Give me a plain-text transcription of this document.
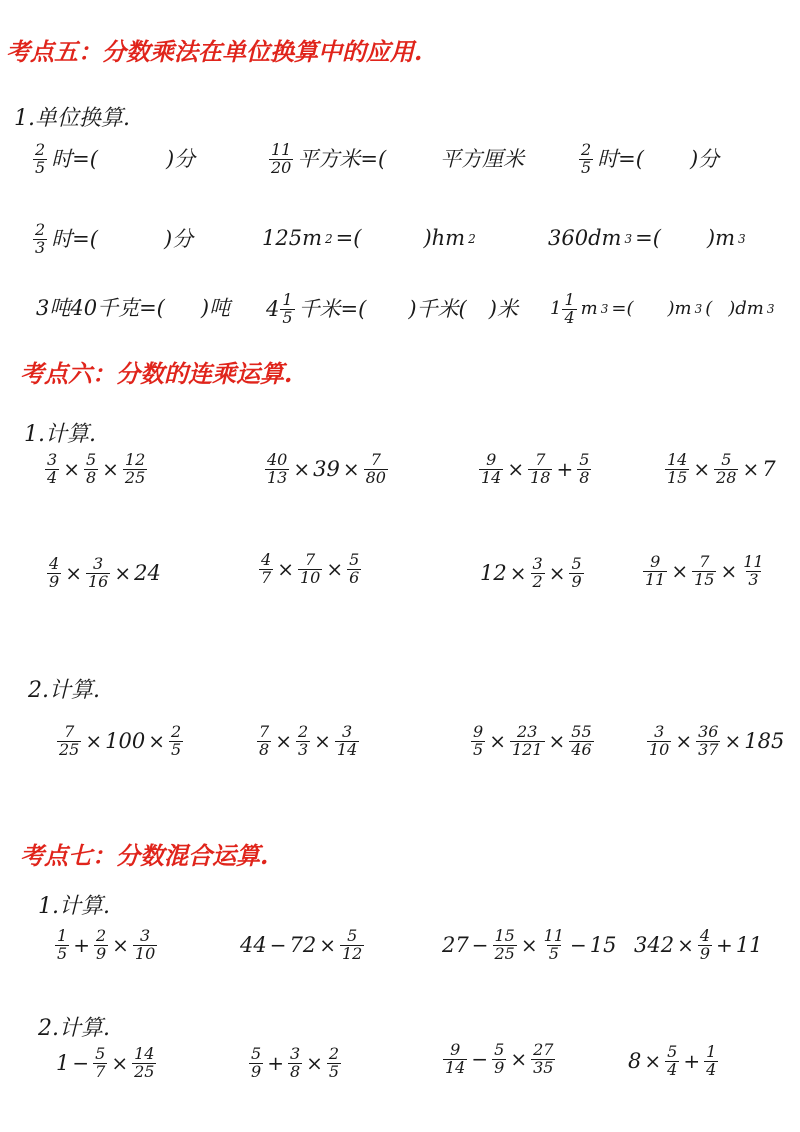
考点五：分数乘法在单位换算中的应用.
1.单位换算.
$\frac{2}{5}$ 时=(	)分	$\frac{11}{20}$ 平方米=(	平方厘米	$\frac{2}{5}$ 时=( )分
$\frac{2}{3}$ 时=(	)分	125m 2 =(	)hm 2	360dm 3 =( )m 3
3吨40千克=( )吨 $4 \frac{1}{5}$ 千米=( )千米( )米 $1 \frac{1}{4}$ m 3 =( )m 3 ( )dm 3
考点六：分数的连乘运算.
1.计算.
$\frac{3}{4} \times \frac{5}{8} \times \frac{12}{25}$	$\frac{40}{13} \times 39 \times \frac{7}{80}$	$\frac{9}{14} \times \frac{7}{18} + \frac{5}{8}$	$\frac{14}{15} \times \frac{5}{28} \times 7$
$\frac{4}{9} \times \frac{3}{16} \times 24$	$\frac{4}{7} \times \frac{7}{10} \times \frac{5}{6}$	$12 \times \frac{3}{2} \times \frac{5}{9}$	$\frac{9}{11} \times \frac{7}{15} \times \frac{11}{3}$
2.计算.
$\frac{7}{25} \times 100 \times \frac{2}{5}$	$\frac{7}{8} \times \frac{2}{3} \times \frac{3}{14}$	$\frac{9}{5} \times \frac{23}{121} \times \frac{55}{46}$	$\frac{3}{10} \times \frac{36}{37} \times 185$
考点七：分数混合运算.
1.计算.
$\frac{1}{5} + \frac{2}{9} \times \frac{3}{10}$	$44 - 72 \times \frac{5}{12}$	$27 - \frac{15}{25} \times \frac{11}{5} - 15$ $342 \times \frac{4}{9} + 11$
2.计算.
$1 - \frac{5}{7} \times \frac{14}{25}$	$\frac{5}{9} + \frac{3}{8} \times \frac{2}{5}$	$\frac{9}{14} - \frac{5}{9} \times \frac{27}{35}$	$8 \times \frac{5}{4} + \frac{1}{4}$
